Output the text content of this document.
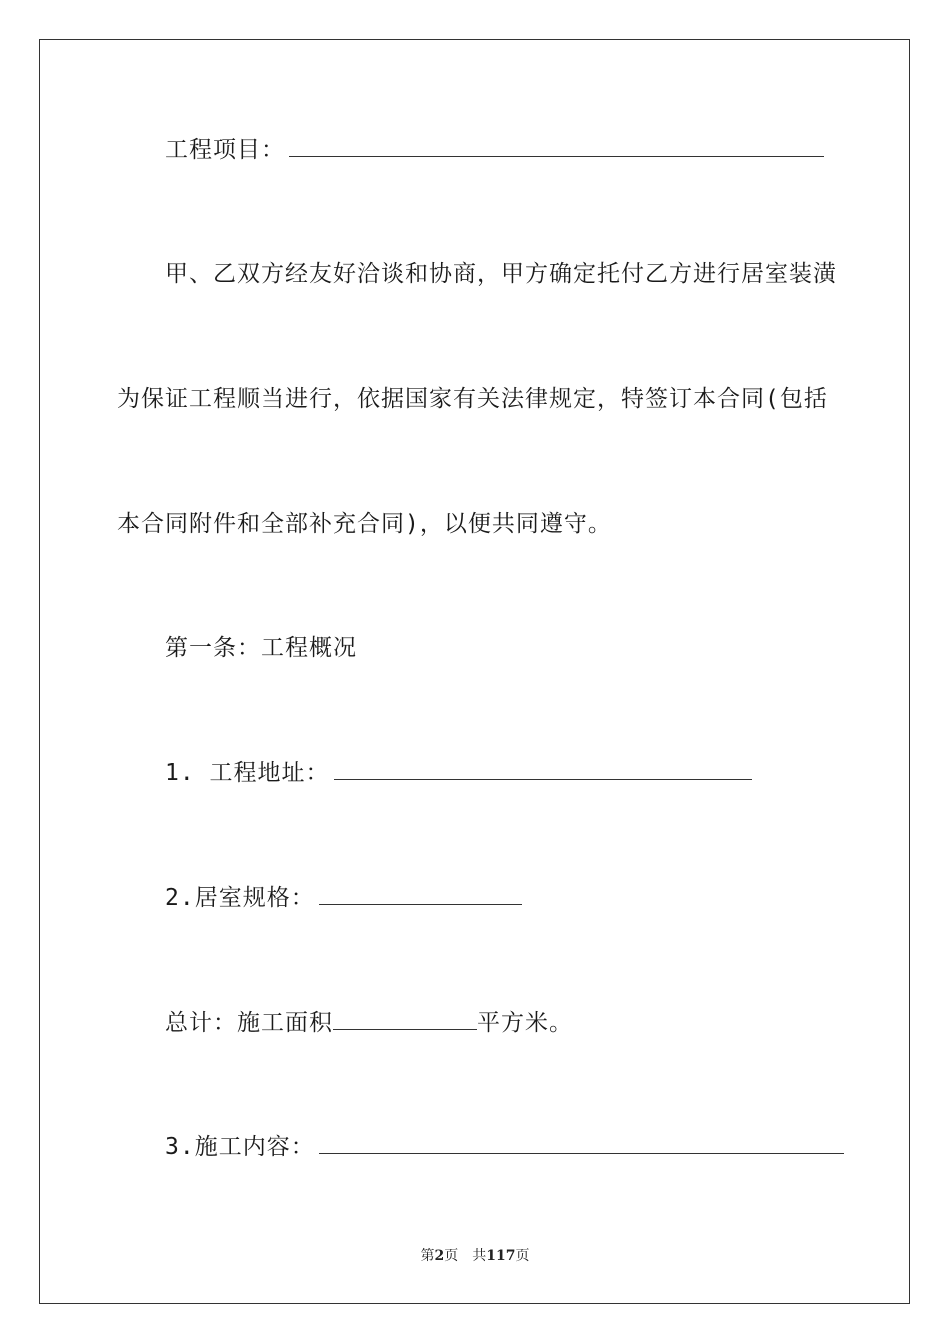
工程项目：
甲、乙双方经友好洽谈和协商，甲方确定托付乙方进行居室装潢
为保证工程顺当进行，依据国家有关法律规定，特签订本合同(包括
本合同附件和全部补充合同)，以便共同遵守。
第一条：工程概况
1. 工程地址：
2.居室规格：
总计：施工面积	平方米。
3.施工内容：
第2页 共117页
